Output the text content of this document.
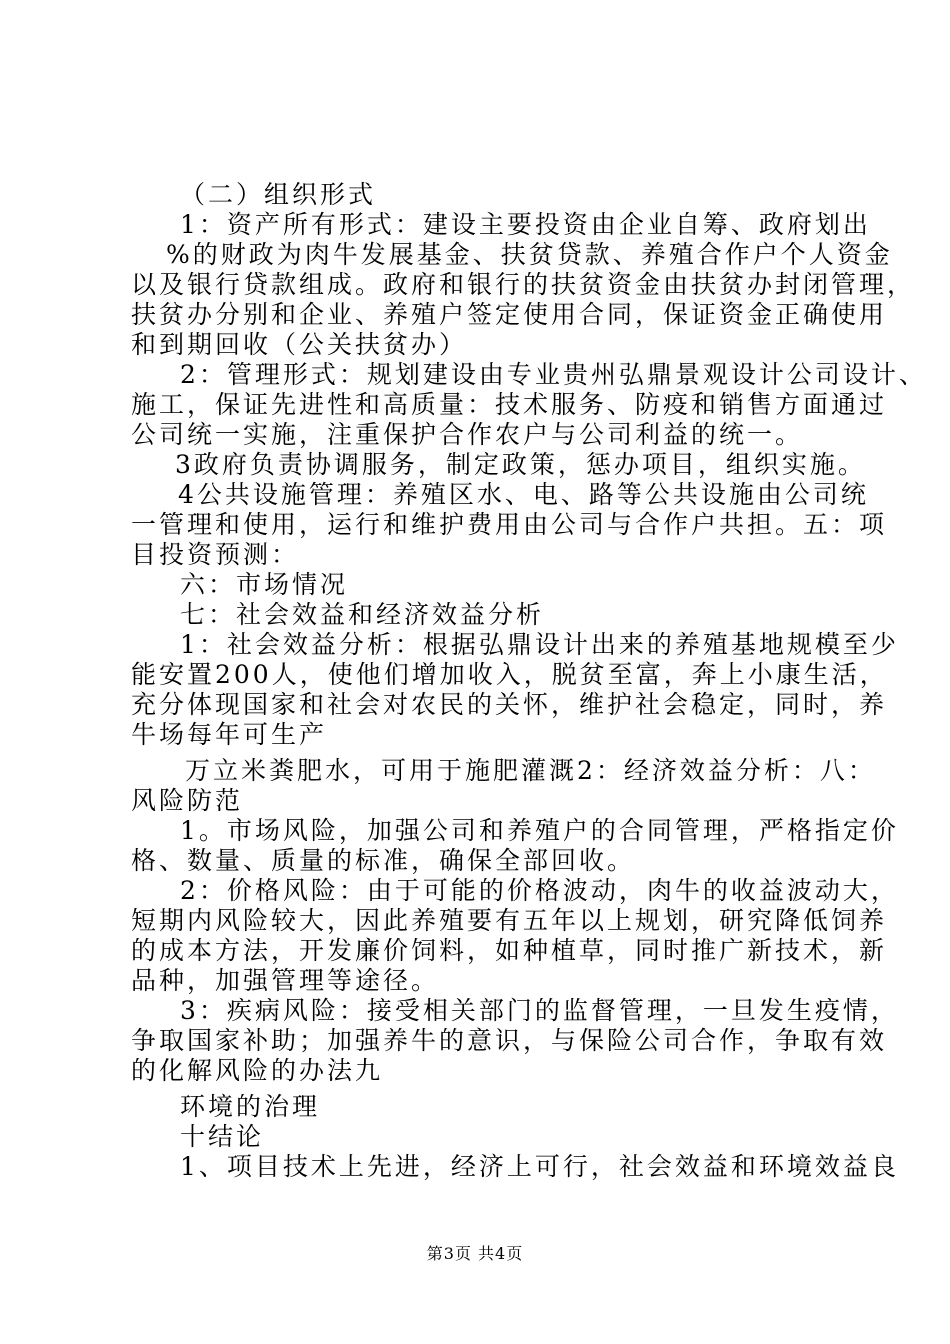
（二）组织形式
1：资产所有形式：建设主要投资由企业自筹、政府划出
%的财政为肉牛发展基金、扶贫贷款、养殖合作户个人资金
以及银行贷款组成。政府和银行的扶贫资金由扶贫办封闭管理，
扶贫办分别和企业、养殖户签定使用合同，保证资金正确使用
和到期回收（公关扶贫办）
2：管理形式：规划建设由专业贵州弘鼎景观设计公司设计、
施工，保证先进性和高质量：技术服务、防疫和销售方面通过
公司统一实施，注重保护合作农户与公司利益的统一。
3政府负责协调服务，制定政策，惩办项目，组织实施。
4公共设施管理：养殖区水、电、路等公共设施由公司统
一管理和使用，运行和维护费用由公司与合作户共担。五：项
目投资预测：
六：市场情况
七：社会效益和经济效益分析
1：社会效益分析：根据弘鼎设计出来的养殖基地规模至少
能安置200人，使他们增加收入，脱贫至富，奔上小康生活，
充分体现国家和社会对农民的关怀，维护社会稳定，同时，养
牛场每年可生产
万立米粪肥水，可用于施肥灌溉2：经济效益分析：八：
风险防范
1。市场风险，加强公司和养殖户的合同管理，严格指定价
格、数量、质量的标准，确保全部回收。
2：价格风险：由于可能的价格波动，肉牛的收益波动大，
短期内风险较大，因此养殖要有五年以上规划，研究降低饲养
的成本方法，开发廉价饲料，如种植草，同时推广新技术，新
品种，加强管理等途径。
3：疾病风险：接受相关部门的监督管理，一旦发生疫情，
争取国家补助；加强养牛的意识，与保险公司合作，争取有效
的化解风险的办法九
环境的治理
十结论
1、项目技术上先进，经济上可行，社会效益和环境效益良
第3页 共4页
